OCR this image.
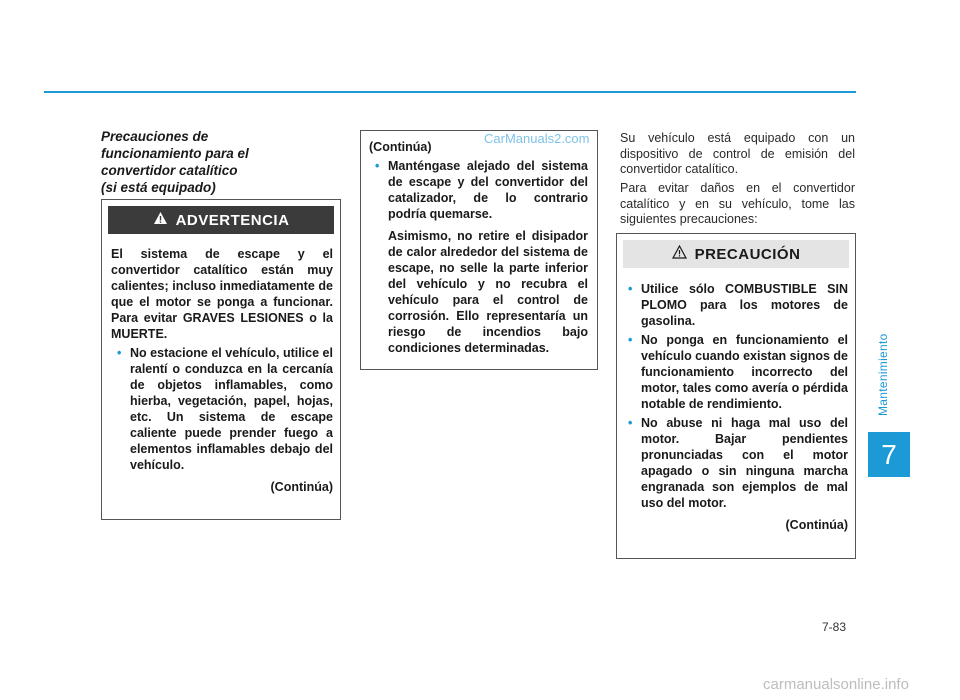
Mantenimiento
7
Precauciones de
funcionamiento para el
convertidor catalítico
(si está equipado)
ADVERTENCIA
El sistema de escape y el convertidor catalítico están muy calientes; incluso inmediatamente de que el motor se ponga a funcionar. Para evitar GRAVES LESIONES o la MUERTE.
• No estacione el vehículo, utilice el ralentí o conduzca en la cercanía de objetos inflamables, como hierba, vegetación, papel, hojas, etc. Un sistema de escape caliente puede prender fuego a elementos inflamables debajo del vehículo.
(Continúa)
(Continúa)
• Manténgase alejado del sistema de escape y del convertidor del catalizador, de lo contrario podría quemarse.
Asimismo, no retire el disipador de calor alrededor del sistema de escape, no selle la parte inferior del vehículo y no recubra el vehículo para el control de corrosión. Ello representaría un riesgo de incendios bajo condiciones determinadas.
CarManuals2.com Su vehículo está equipado con un dispositivo de control de emisión del convertidor catalítico.
Para evitar daños en el convertidor catalítico y en su vehículo, tome las siguientes precauciones:
PRECAUCIÓN
• Utilice sólo COMBUSTIBLE SIN PLOMO para los motores de gasolina.
• No ponga en funcionamiento el vehículo cuando existan signos de funcionamiento incorrecto del motor, tales como avería o pérdida notable de rendimiento.
• No abuse ni haga mal uso del motor. Bajar pendientes pronunciadas con el motor apagado o sin ninguna marcha engranada son ejemplos de mal uso del motor.
(Continúa)
7-83
carmanualsonline.info
